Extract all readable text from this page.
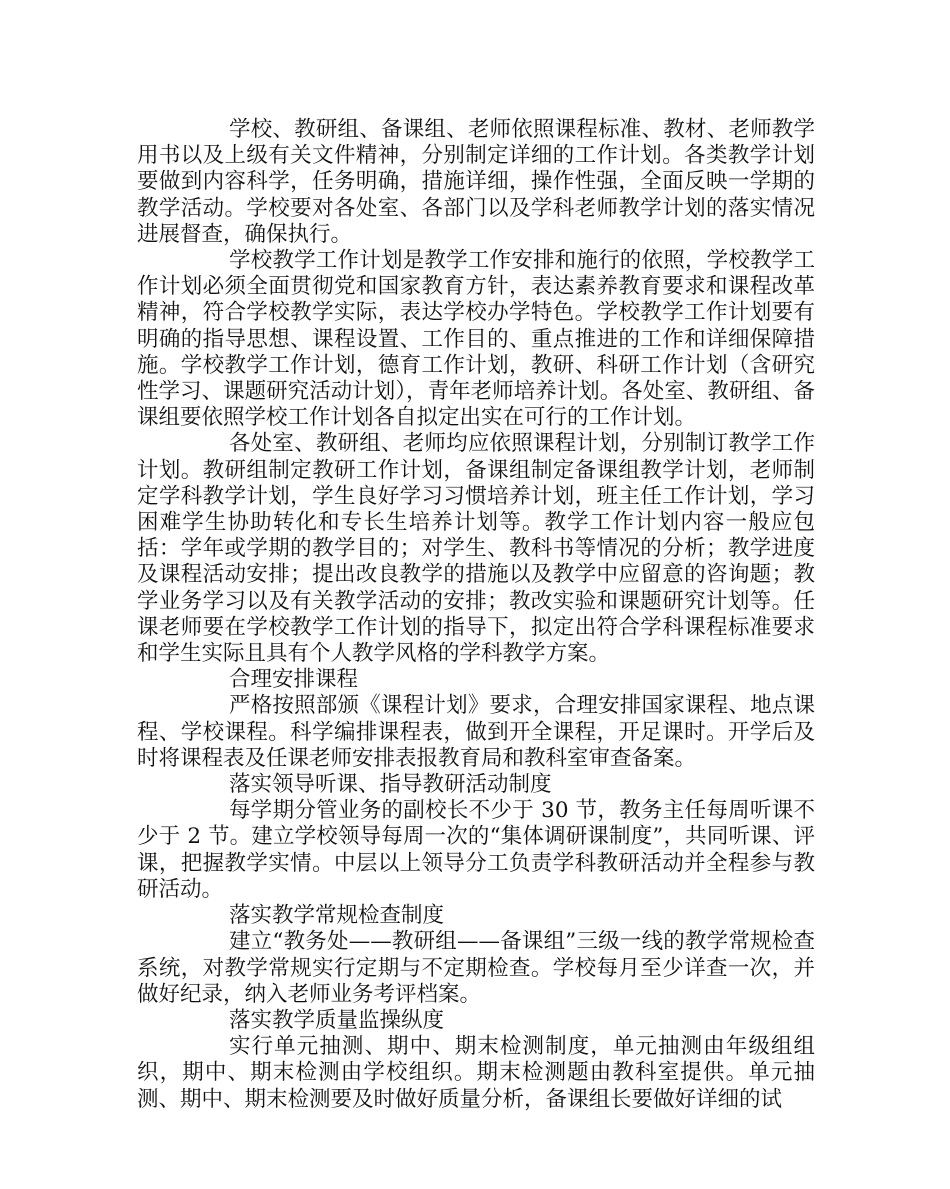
学校、教研组、备课组、老师依照课程标准、教材、老师教学用书以及上级有关文件精神，分别制定详细的工作计划。各类教学计划要做到内容科学，任务明确，措施详细，操作性强，全面反映一学期的教学活动。学校要对各处室、各部门以及学科老师教学计划的落实情况进展督查，确保执行。

学校教学工作计划是教学工作安排和施行的依照，学校教学工作计划必须全面贯彻党和国家教育方针，表达素养教育要求和课程改革精神，符合学校教学实际，表达学校办学特色。学校教学工作计划要有明确的指导思想、课程设置、工作目的、重点推进的工作和详细保障措施。学校教学工作计划，德育工作计划，教研、科研工作计划（含研究性学习、课题研究活动计划），青年老师培养计划。各处室、教研组、备课组要依照学校工作计划各自拟定出实在可行的工作计划。

各处室、教研组、老师均应依照课程计划，分别制订教学工作计划。教研组制定教研工作计划，备课组制定备课组教学计划，老师制定学科教学计划，学生良好学习习惯培养计划，班主任工作计划，学习困难学生协助转化和专长生培养计划等。教学工作计划内容一般应包括：学年或学期的教学目的；对学生、教科书等情况的分析；教学进度及课程活动安排；提出改良教学的措施以及教学中应留意的咨询题；教学业务学习以及有关教学活动的安排；教改实验和课题研究计划等。任课老师要在学校教学工作计划的指导下，拟定出符合学科课程标准要求和学生实际且具有个人教学风格的学科教学方案。

合理安排课程

严格按照部颁《课程计划》要求，合理安排国家课程、地点课程、学校课程。科学编排课程表，做到开全课程，开足课时。开学后及时将课程表及任课老师安排表报教育局和教科室审查备案。

落实领导听课、指导教研活动制度

每学期分管业务的副校长不少于 30 节，教务主任每周听课不少于 2 节。建立学校领导每周一次的“集体调研课制度”，共同听课、评课，把握教学实情。中层以上领导分工负责学科教研活动并全程参与教研活动。

落实教学常规检查制度

建立“教务处——教研组——备课组”三级一线的教学常规检查系统，对教学常规实行定期与不定期检查。学校每月至少详查一次，并做好纪录，纳入老师业务考评档案。

落实教学质量监操纵度

实行单元抽测、期中、期末检测制度，单元抽测由年级组组织，期中、期末检测由学校组织。期末检测题由教科室提供。单元抽测、期中、期末检测要及时做好质量分析，备课组长要做好详细的试
